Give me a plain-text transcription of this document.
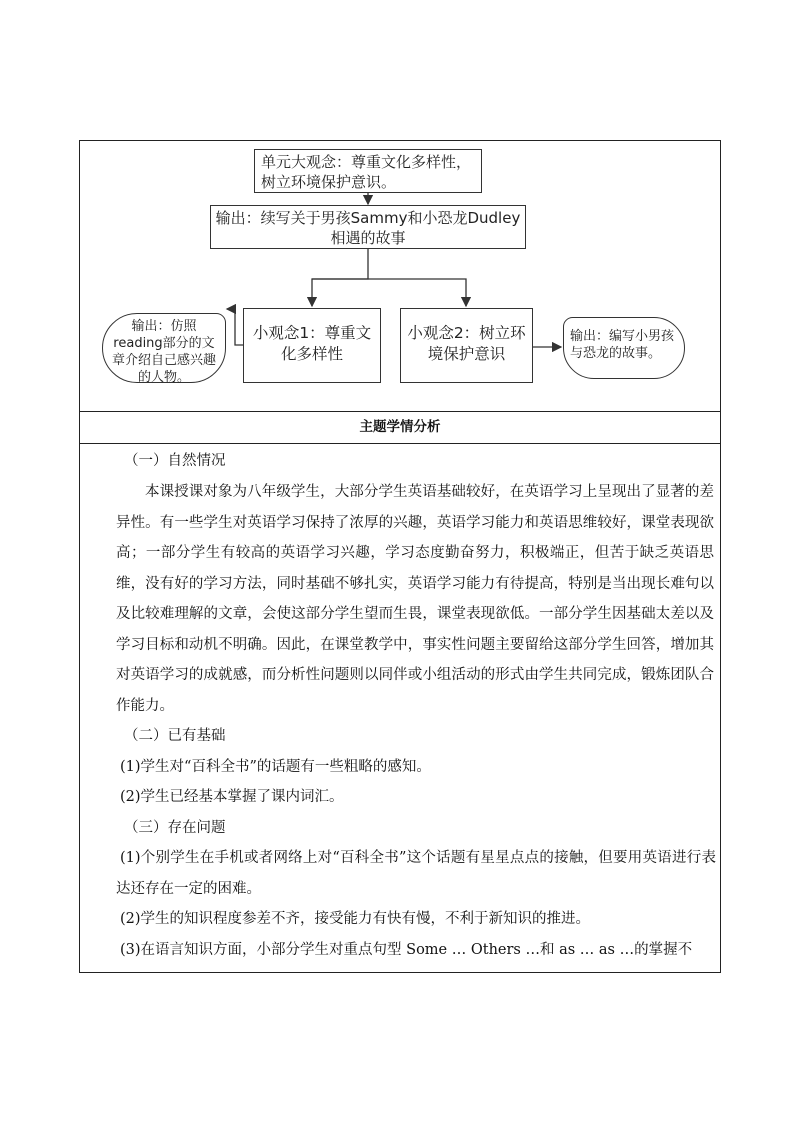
单元大观念：尊重文化多样性，树立环境保护意识。
输出：续写关于男孩Sammy和小恐龙Dudley相遇的故事
小观念1：尊重文化多样性
小观念2：树立环境保护意识
输出：仿照reading部分的文章介绍自己感兴趣的人物。
输出：编写小男孩与恐龙的故事。
主题学情分析

（一）自然情况

本课授课对象为八年级学生，大部分学生英语基础较好，在英语学习上呈现出了显著的差异性。有一些学生对英语学习保持了浓厚的兴趣，英语学习能力和英语思维较好，课堂表现欲高；一部分学生有较高的英语学习兴趣，学习态度勤奋努力，积极端正，但苦于缺乏英语思维，没有好的学习方法，同时基础不够扎实，英语学习能力有待提高，特别是当出现长难句以及比较难理解的文章，会使这部分学生望而生畏，课堂表现欲低。一部分学生因基础太差以及学习目标和动机不明确。因此，在课堂教学中，事实性问题主要留给这部分学生回答，增加其对英语学习的成就感，而分析性问题则以同伴或小组活动的形式由学生共同完成，锻炼团队合作能力。

（二）已有基础

(1)学生对“百科全书”的话题有一些粗略的感知。

(2)学生已经基本掌握了课内词汇。

（三）存在问题

(1)个别学生在手机或者网络上对“百科全书”这个话题有星星点点的接触，但要用英语进行表达还存在一定的困难。

(2)学生的知识程度参差不齐，接受能力有快有慢，不利于新知识的推进。

(3)在语言知识方面，小部分学生对重点句型 Some … Others …和 as … as …的掌握不
